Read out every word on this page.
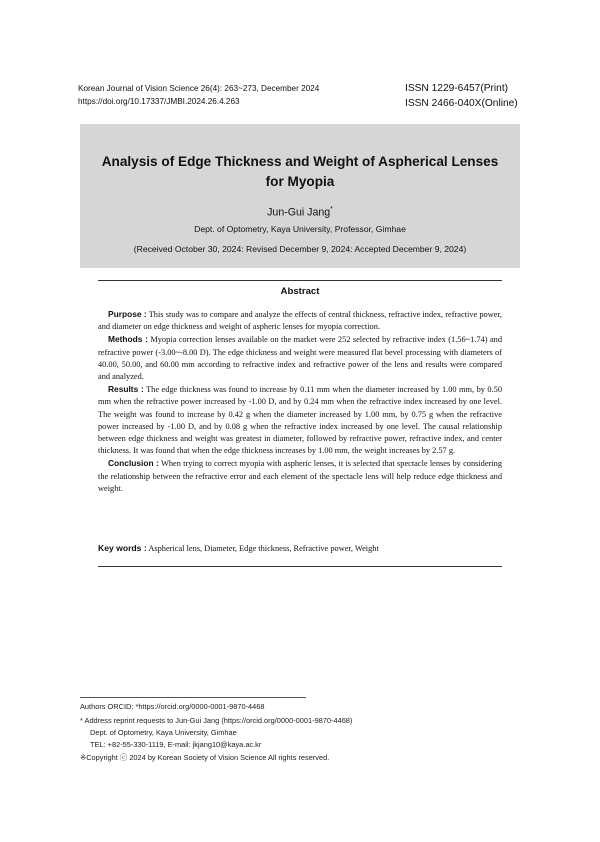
Korean Journal of Vision Science 26(4): 263~273, December 2024
https://doi.org/10.17337/JMBI.2024.26.4.263
ISSN 1229-6457(Print)
ISSN 2466-040X(Online)
Analysis of Edge Thickness and Weight of Aspherical Lenses
for Myopia
Jun-Gui Jang*
Dept. of Optometry, Kaya University, Professor, Gimhae
(Received October 30, 2024: Revised December 9, 2024: Accepted December 9, 2024)
Abstract

Purpose : This study was to compare and analyze the effects of central thickness, refractive index, refractive power, and diameter on edge thickness and weight of aspheric lenses for myopia correction.

Methods : Myopia correction lenses available on the market were 252 selected by refractive index (1.56~1.74) and refractive power (-3.00~-8.00 D). The edge thickness and weight were measured flat bevel processing with diameters of 40.00, 50.00, and 60.00 mm according to refractive index and refractive power of the lens and results were compared and analyzed.

Results : The edge thickness was found to increase by 0.11 mm when the diameter increased by 1.00 mm, by 0.50 mm when the refractive power increased by -1.00 D, and by 0.24 mm when the refractive index increased by one level. The weight was found to increase by 0.42 g when the diameter increased by 1.00 mm, by 0.75 g when the refractive power increased by -1.00 D, and by 0.08 g when the refractive index increased by one level. The causal relationship between edge thickness and weight was greatest in diameter, followed by refractive power, refractive index, and center thickness. It was found that when the edge thickness increases by 1.00 mm, the weight increases by 2.57 g.

Conclusion : When trying to correct myopia with aspheric lenses, it is selected that spectacle lenses by considering the relationship between the refractive error and each element of the spectacle lens will help reduce edge thickness and weight.

Key words : Aspherical lens, Diameter, Edge thickness, Refractive power, Weight
Authors ORCID: *https://orcid.org/0000-0001-9870-4468
* Address reprint requests to Jun-Gui Jang (https://orcid.org/0000-0001-9870-4468)
Dept. of Optometry, Kaya University, Gimhae
TEL: +82-55-330-1119, E-mail: jkjang10@kaya.ac.kr
※Copyright ⓒ 2024 by Korean Society of Vision Science All rights reserved.
